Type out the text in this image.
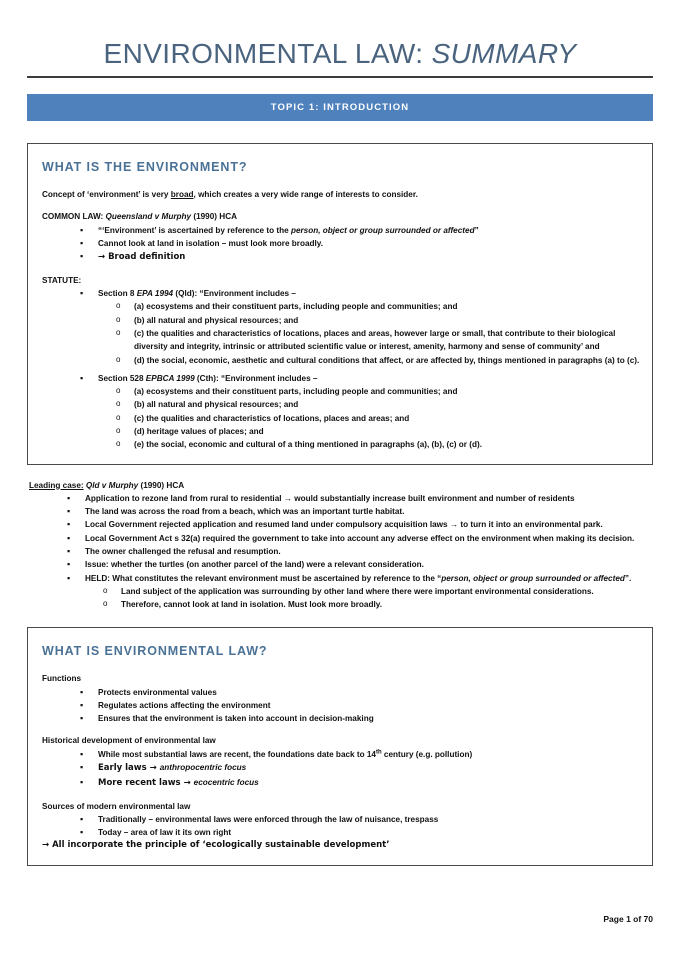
ENVIRONMENTAL LAW: SUMMARY
TOPIC 1: INTRODUCTION
WHAT IS THE ENVIRONMENT?
Concept of ‘environment’ is very broad, which creates a very wide range of interests to consider.
COMMON LAW: Queensland v Murphy (1990) HCA
▪ “‘Environment’ is ascertained by reference to the person, object or group surrounded or affected”
▪ Cannot look at land in isolation – must look more broadly.
▪ → Broad definition
STATUTE:
▪ Section 8 EPA 1994 (Qld): “Environment includes –
o (a) ecosystems and their constituent parts, including people and communities; and
o (b) all natural and physical resources; and
o (c) the qualities and characteristics of locations, places and areas, however large or small, that contribute to their biological diversity and integrity, intrinsic or attributed scientific value or interest, amenity, harmony and sense of community’ and
o (d) the social, economic, aesthetic and cultural conditions that affect, or are affected by, things mentioned in paragraphs (a) to (c).
▪ Section 528 EPBCA 1999 (Cth): “Environment includes –
o (a) ecosystems and their constituent parts, including people and communities; and
o (b) all natural and physical resources; and
o (c) the qualities and characteristics of locations, places and areas; and
o (d) heritage values of places; and
o (e) the social, economic and cultural of a thing mentioned in paragraphs (a), (b), (c) or (d).
Leading case: Qld v Murphy (1990) HCA
▪ Application to rezone land from rural to residential → would substantially increase built environment and number of residents
▪ The land was across the road from a beach, which was an important turtle habitat.
▪ Local Government rejected application and resumed land under compulsory acquisition laws → to turn it into an environmental park.
▪ Local Government Act s 32(a) required the government to take into account any adverse effect on the environment when making its decision.
▪ The owner challenged the refusal and resumption.
▪ Issue: whether the turtles (on another parcel of the land) were a relevant consideration.
▪ HELD: What constitutes the relevant environment must be ascertained by reference to the “person, object or group surrounded or affected”.
o Land subject of the application was surrounding by other land where there were important environmental considerations.
o Therefore, cannot look at land in isolation. Must look more broadly.
WHAT IS ENVIRONMENTAL LAW?
Functions
▪ Protects environmental values
▪ Regulates actions affecting the environment
▪ Ensures that the environment is taken into account in decision-making
Historical development of environmental law
▪ While most substantial laws are recent, the foundations date back to 14th century (e.g. pollution)
▪ Early laws → anthropocentric focus
▪ More recent laws → ecocentric focus
Sources of modern environmental law
▪ Traditionally – environmental laws were enforced through the law of nuisance, trespass
▪ Today – area of law it its own right
→ All incorporate the principle of ‘ecologically sustainable development’
Page 1 of 70
